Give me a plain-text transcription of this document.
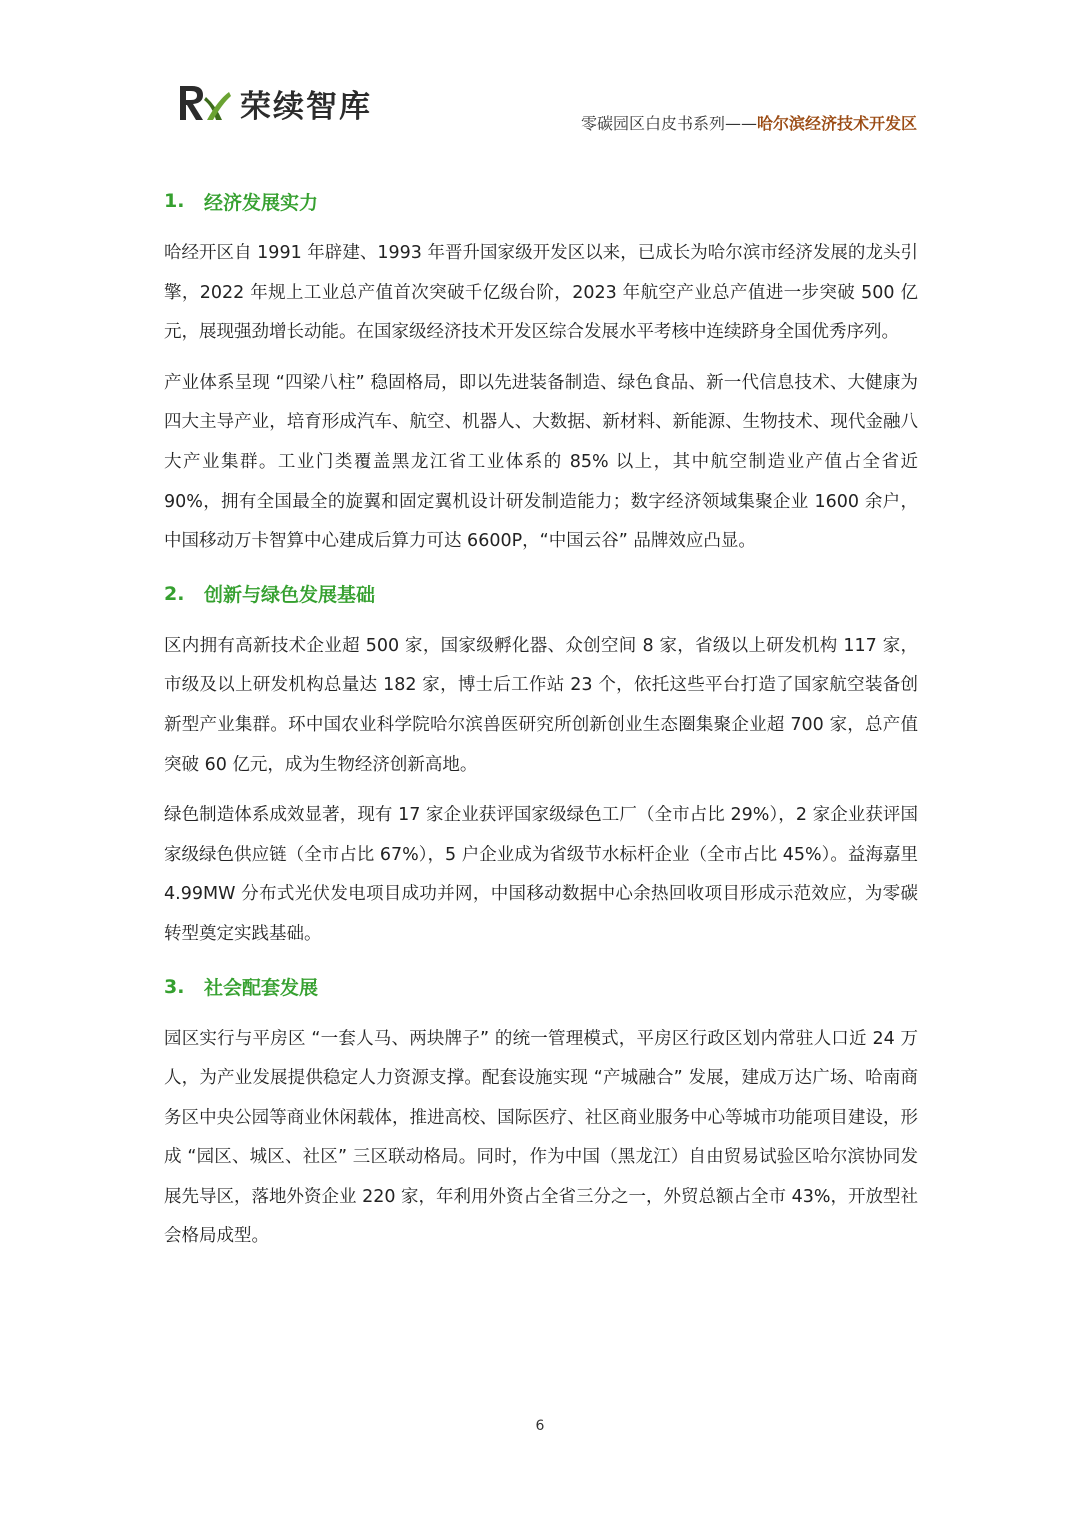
荣续智库	零碳园区白皮书系列——哈尔滨经济技术开发区
1.	经济发展实力

哈经开区自 1991 年辟建、1993 年晋升国家级开发区以来，已成长为哈尔滨市经济发展的龙头引擎，2022 年规上工业总产值首次突破千亿级台阶，2023 年航空产业总产值进一步突破 500 亿元，展现强劲增长动能。在国家级经济技术开发区综合发展水平考核中连续跻身全国优秀序列。

产业体系呈现 “四梁八柱” 稳固格局，即以先进装备制造、绿色食品、新一代信息技术、大健康为四大主导产业，培育形成汽车、航空、机器人、大数据、新材料、新能源、生物技术、现代金融八大产业集群。工业门类覆盖黑龙江省工业体系的 85% 以上，其中航空制造业产值占全省近 90%，拥有全国最全的旋翼和固定翼机设计研发制造能力；数字经济领域集聚企业 1600 余户，中国移动万卡智算中心建成后算力可达 6600P，“中国云谷” 品牌效应凸显。

2.	创新与绿色发展基础

区内拥有高新技术企业超 500 家，国家级孵化器、众创空间 8 家，省级以上研发机构 117 家，市级及以上研发机构总量达 182 家，博士后工作站 23 个，依托这些平台打造了国家航空装备创新型产业集群。环中国农业科学院哈尔滨兽医研究所创新创业生态圈集聚企业超 700 家，总产值突破 60 亿元，成为生物经济创新高地。

绿色制造体系成效显著，现有 17 家企业获评国家级绿色工厂（全市占比 29%），2 家企业获评国家级绿色供应链（全市占比 67%），5 户企业成为省级节水标杆企业（全市占比 45%）。益海嘉里 4.99MW 分布式光伏发电项目成功并网，中国移动数据中心余热回收项目形成示范效应，为零碳转型奠定实践基础。

3.	社会配套发展

园区实行与平房区 “一套人马、两块牌子” 的统一管理模式，平房区行政区划内常驻人口近 24 万人，为产业发展提供稳定人力资源支撑。配套设施实现 “产城融合” 发展，建成万达广场、哈南商务区中央公园等商业休闲载体，推进高校、国际医疗、社区商业服务中心等城市功能项目建设，形成 “园区、城区、社区” 三区联动格局。同时，作为中国（黑龙江）自由贸易试验区哈尔滨协同发展先导区，落地外资企业 220 家，年利用外资占全省三分之一，外贸总额占全市 43%，开放型社会格局成型。

6
